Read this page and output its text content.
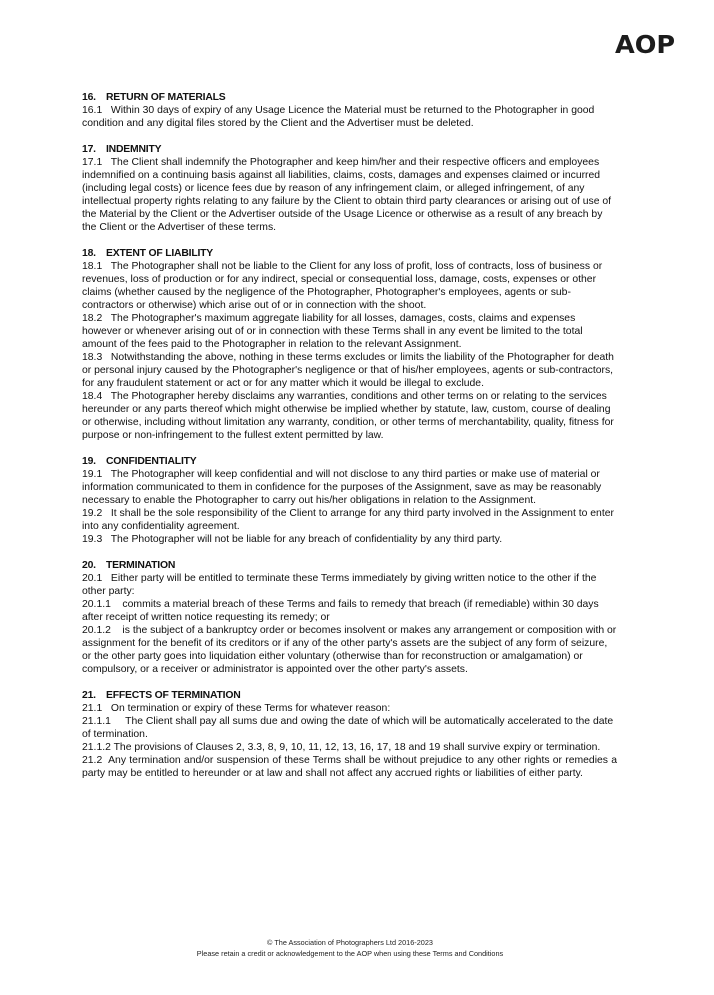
AOP
16. RETURN OF MATERIALS

16.1   Within 30 days of expiry of any Usage Licence the Material must be returned to the Photographer in good condition and any digital files stored by the Client and the Advertiser must be deleted.

17. INDEMNITY

17.1   The Client shall indemnify the Photographer and keep him/her and their respective officers and employees indemnified on a continuing basis against all liabilities, claims, costs, damages and expenses claimed or incurred (including legal costs) or licence fees due by reason of any infringement claim, or alleged infringement, of any intellectual property rights relating to any failure by the Client to obtain third party clearances or arising out of use of the Material by the Client or the Advertiser outside of the Usage Licence or otherwise as a result of any breach by the Client or the Advertiser of these terms.

18. EXTENT OF LIABILITY

18.1   The Photographer shall not be liable to the Client for any loss of profit, loss of contracts, loss of business or revenues, loss of production or for any indirect, special or consequential loss, damage, costs, expenses or other claims (whether caused by the negligence of the Photographer, Photographer's employees, agents or sub-contractors or otherwise) which arise out of or in connection with the shoot.

18.2   The Photographer's maximum aggregate liability for all losses, damages, costs, claims and expenses however or whenever arising out of or in connection with these Terms shall in any event be limited to the total amount of the fees paid to the Photographer in relation to the relevant Assignment.

18.3   Notwithstanding the above, nothing in these terms excludes or limits the liability of the Photographer for death or personal injury caused by the Photographer's negligence or that of his/her employees, agents or sub-contractors, for any fraudulent statement or act or for any matter which it would be illegal to exclude.

18.4   The Photographer hereby disclaims any warranties, conditions and other terms on or relating to the services hereunder or any parts thereof which might otherwise be implied whether by statute, law, custom, course of dealing or otherwise, including without limitation any warranty, condition, or other terms of merchantability, quality, fitness for purpose or non-infringement to the fullest extent permitted by law.

19. CONFIDENTIALITY

19.1   The Photographer will keep confidential and will not disclose to any third parties or make use of material or information communicated to them in confidence for the purposes of the Assignment, save as may be reasonably necessary to enable the Photographer to carry out his/her obligations in relation to the Assignment.

19.2   It shall be the sole responsibility of the Client to arrange for any third party involved in the Assignment to enter into any confidentiality agreement.

19.3   The Photographer will not be liable for any breach of confidentiality by any third party.

20. TERMINATION

20.1   Either party will be entitled to terminate these Terms immediately by giving written notice to the other if the other party:

20.1.1    commits a material breach of these Terms and fails to remedy that breach (if remediable) within 30 days after receipt of written notice requesting its remedy; or

20.1.2    is the subject of a bankruptcy order or becomes insolvent or makes any arrangement or composition with or assignment for the benefit of its creditors or if any of the other party's assets are the subject of any form of seizure, or the other party goes into liquidation either voluntary (otherwise than for reconstruction or amalgamation) or compulsory, or a receiver or administrator is appointed over the other party's assets.

21. EFFECTS OF TERMINATION

21.1   On termination or expiry of these Terms for whatever reason:

21.1.1     The Client shall pay all sums due and owing the date of which will be automatically accelerated to the date of termination.

21.1.2 The provisions of Clauses 2, 3.3, 8, 9, 10, 11, 12, 13, 16, 17, 18 and 19 shall survive expiry or termination.

21.2  Any termination and/or suspension of these Terms shall be without prejudice to any other rights or remedies a party may be entitled to hereunder or at law and shall not affect any accrued rights or liabilities of either party.

© The Association of Photographers Ltd 2016-2023
Please retain a credit or acknowledgement to the AOP when using these Terms and Conditions
